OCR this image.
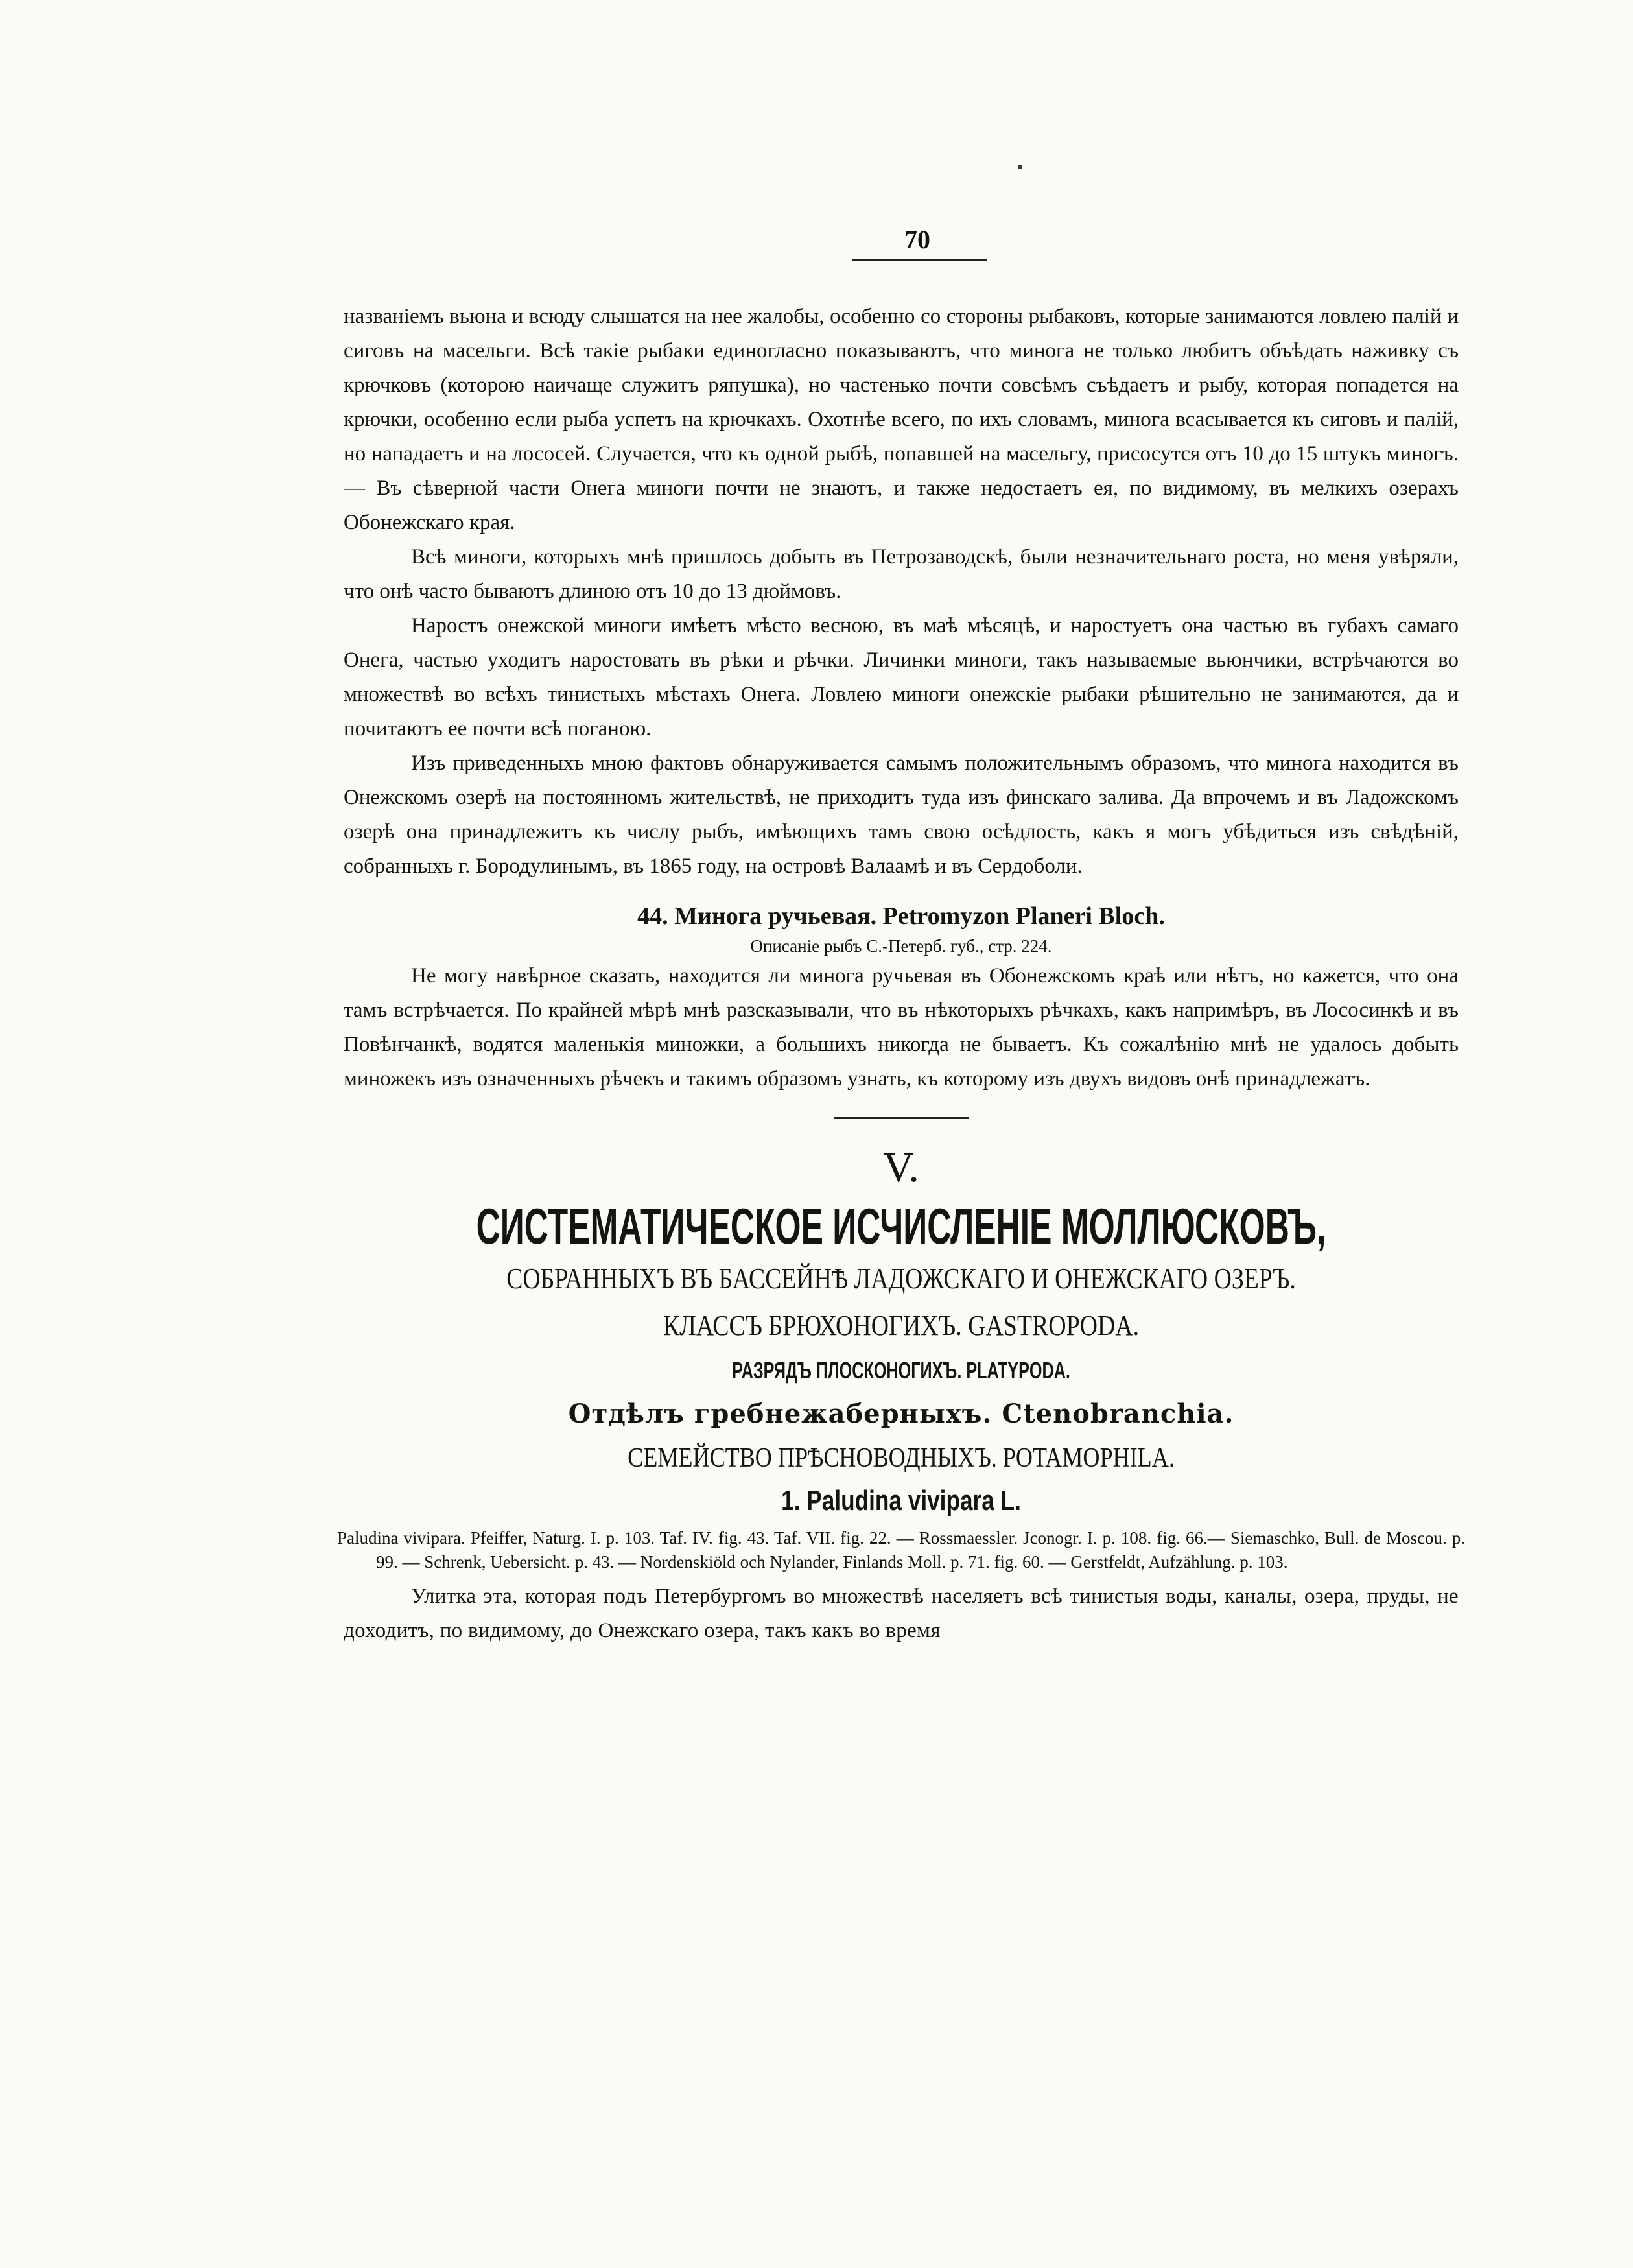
70

названіемъ вьюна и всюду слышатся на нее жалобы, особенно со стороны рыбаковъ, которые занимаются ловлею палій и сиговъ на масельги. Всѣ такіе рыбаки единогласно показываютъ, что минога не только любитъ объѣдать наживку съ крючковъ (которою наичаще служитъ ряпушка), но частенько почти совсѣмъ съѣдаетъ и рыбу, которая попадется на крючки, особенно если рыба успетъ на крючкахъ. Охотнѣе всего, по ихъ словамъ, минога всасывается къ сиговъ и палій, но нападаетъ и на лососей. Случается, что къ одной рыбѣ, попавшей на масельгу, присосутся отъ 10 до 15 штукъ миногъ. — Въ сѣверной части Онега миноги почти не знаютъ, и также недостаетъ ея, по видимому, въ мелкихъ озерахъ Обонежскаго края.

Всѣ миноги, которыхъ мнѣ пришлось добыть въ Петрозаводскѣ, были незначительнаго роста, но меня увѣряли, что онѣ часто бываютъ длиною отъ 10 до 13 дюймовъ.

Наростъ онежской миноги имѣетъ мѣсто весною, въ маѣ мѣсяцѣ, и наростуетъ она частью въ губахъ самаго Онега, частью уходитъ наростовать въ рѣки и рѣчки. Личинки миноги, такъ называемые вьюнчики, встрѣчаются во множествѣ во всѣхъ тинистыхъ мѣстахъ Онега. Ловлею миноги онежскіе рыбаки рѣшительно не занимаются, да и почитаютъ ее почти всѣ поганою.

Изъ приведенныхъ мною фактовъ обнаруживается самымъ положительнымъ образомъ, что минога находится въ Онежскомъ озерѣ на постоянномъ жительствѣ, не приходитъ туда изъ финскаго залива. Да впрочемъ и въ Ладожскомъ озерѣ она принадлежитъ къ числу рыбъ, имѣющихъ тамъ свою осѣдлость, какъ я могъ убѣдиться изъ свѣдѣній, собранныхъ г. Бородулинымъ, въ 1865 году, на островѣ Валаамѣ и въ Сердоболи.

44. Минога ручьевая. Petromyzon Planeri Bloch.
Описаніе рыбъ С.-Петерб. губ., стр. 224.

Не могу навѣрное сказать, находится ли минога ручьевая въ Обонежскомъ краѣ или нѣтъ, но кажется, что она тамъ встрѣчается. По крайней мѣрѣ мнѣ разсказывали, что въ нѣкоторыхъ рѣчкахъ, какъ напримѣръ, въ Лососинкѣ и въ Повѣнчанкѣ, водятся маленькія миножки, а большихъ никогда не бываетъ. Къ сожалѣнію мнѣ не удалось добыть миножекъ изъ означенныхъ рѣчекъ и такимъ образомъ узнать, къ которому изъ двухъ видовъ онѣ принадлежатъ.

V.
СИСТЕМАТИЧЕСКОЕ ИСЧИСЛЕНІЕ МОЛЛЮСКОВЪ,
СОБРАННЫХЪ ВЪ БАССЕЙНѢ ЛАДОЖСКАГО И ОНЕЖСКАГО ОЗЕРЪ.
КЛАССЪ БРЮХОНОГИХЪ. GASTROPODA.
РАЗРЯДЪ ПЛОСКОНОГИХЪ. PLATYPODA.
Отдѣлъ гребнежаберныхъ. Ctenobranchia.
СЕМЕЙСТВО ПРѢСНОВОДНЫХЪ. POTAMOPHILA.
1. Paludina vivipara L.

Paludina vivipara. Pfeiffer, Naturg. I. p. 103. Taf. IV. fig. 43. Taf. VII. fig. 22. — Rossmaessler. Jconogr. I. p. 108. fig. 66.— Siemaschko, Bull. de Moscou. p. 99. — Schrenk, Uebersicht. p. 43. — Nordenskiöld och Nylander, Finlands Moll. p. 71. fig. 60. — Gerstfeldt, Aufzählung. p. 103.

Улитка эта, которая подъ Петербургомъ во множествѣ населяетъ всѣ тинистыя воды, каналы, озера, пруды, не доходитъ, по видимому, до Онежскаго озера, такъ какъ во время
